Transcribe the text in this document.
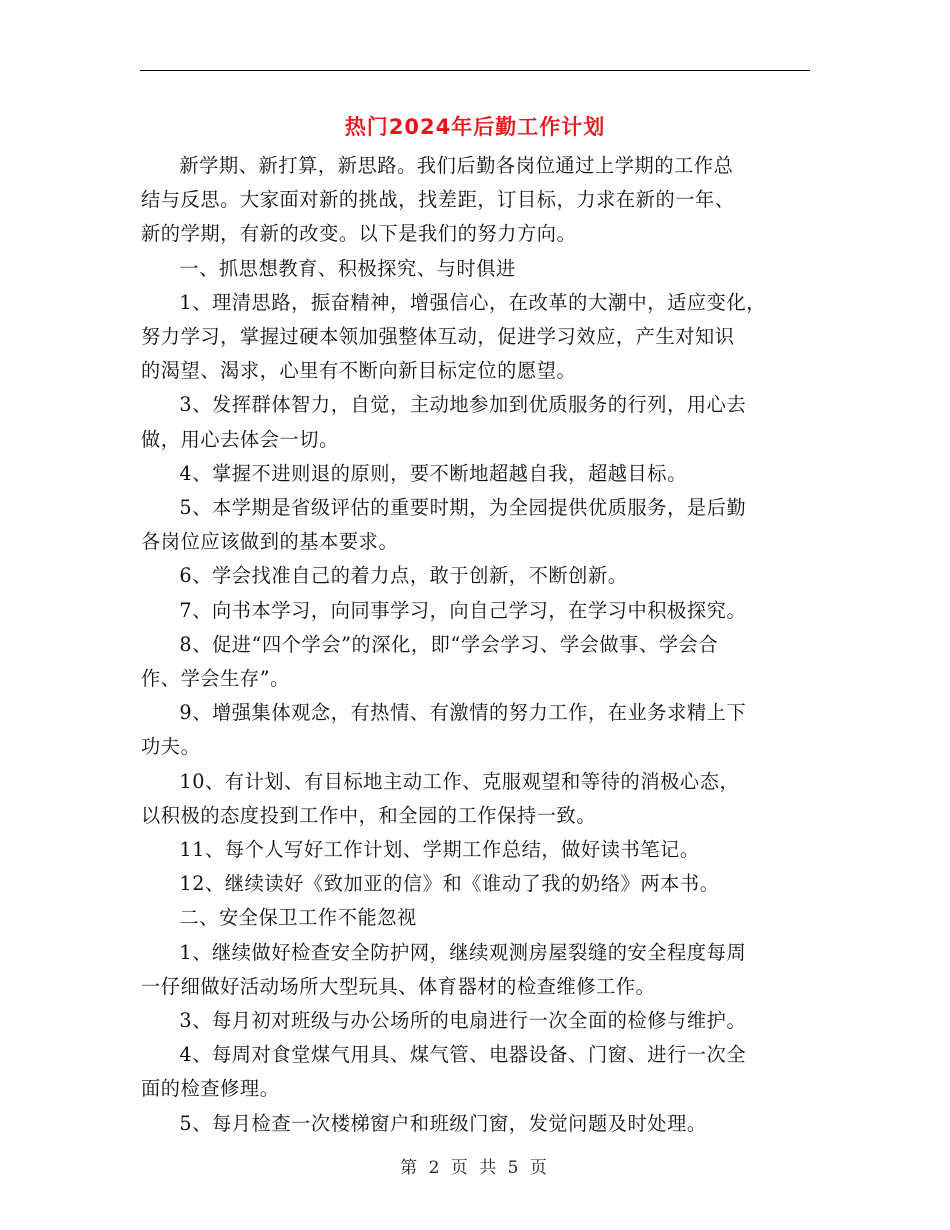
热门2024年后勤工作计划

新学期、新打算，新思路。我们后勤各岗位通过上学期的工作总
结与反思。大家面对新的挑战，找差距，订目标，力求在新的一年、
新的学期，有新的改变。以下是我们的努力方向。

一、抓思想教育、积极探究、与时俱进

1、理清思路，振奋精神，增强信心，在改革的大潮中，适应变化，
努力学习，掌握过硬本领加强整体互动，促进学习效应，产生对知识
的渴望、渴求，心里有不断向新目标定位的愿望。

3、发挥群体智力，自觉，主动地参加到优质服务的行列，用心去
做，用心去体会一切。

4、掌握不进则退的原则，要不断地超越自我，超越目标。

5、本学期是省级评估的重要时期，为全园提供优质服务，是后勤
各岗位应该做到的基本要求。

6、学会找准自己的着力点，敢于创新，不断创新。

7、向书本学习，向同事学习，向自己学习，在学习中积极探究。

8、促进“四个学会”的深化，即“学会学习、学会做事、学会合
作、学会生存”。

9、增强集体观念，有热情、有激情的努力工作，在业务求精上下
功夫。

10、有计划、有目标地主动工作、克服观望和等待的消极心态，
以积极的态度投到工作中，和全园的工作保持一致。

11、每个人写好工作计划、学期工作总结，做好读书笔记。

12、继续读好《致加亚的信》和《谁动了我的奶络》两本书。

二、安全保卫工作不能忽视

1、继续做好检查安全防护网，继续观测房屋裂缝的安全程度每周
一仔细做好活动场所大型玩具、体育器材的检查维修工作。

3、每月初对班级与办公场所的电扇进行一次全面的检修与维护。

4、每周对食堂煤气用具、煤气管、电器设备、门窗、进行一次全
面的检查修理。

5、每月检查一次楼梯窗户和班级门窗，发觉问题及时处理。

第 2 页 共 5 页
